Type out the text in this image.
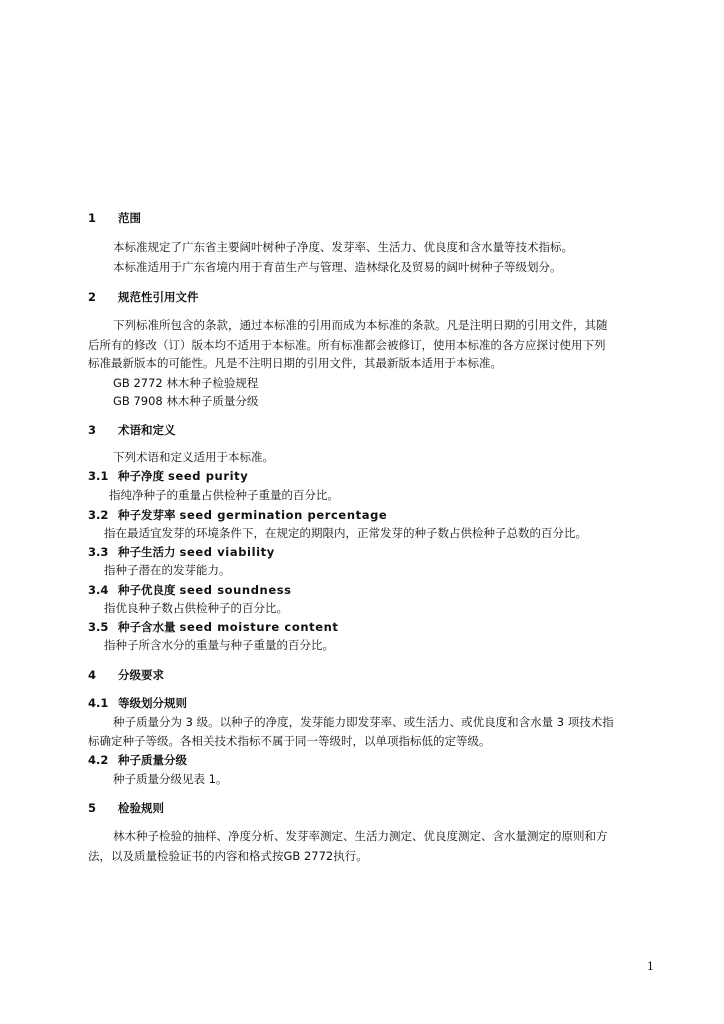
1 范围
本标准规定了广东省主要阔叶树种子净度、发芽率、生活力、优良度和含水量等技术指标。
本标准适用于广东省境内用于育苗生产与管理、造林绿化及贸易的阔叶树种子等级划分。
2 规范性引用文件
下列标准所包含的条款，通过本标准的引用而成为本标准的条款。凡是注明日期的引用文件，其随
后所有的修改（订）版本均不适用于本标准。所有标准都会被修订，使用本标准的各方应探讨使用下列
标准最新版本的可能性。凡是不注明日期的引用文件，其最新版本适用于本标准。
GB 2772 林木种子检验规程
GB 7908 林木种子质量分级
3 术语和定义
下列术语和定义适用于本标准。
3.1 种子净度 seed purity
指纯净种子的重量占供检种子重量的百分比。
3.2 种子发芽率 seed germination percentage
指在最适宜发芽的环境条件下，在规定的期限内，正常发芽的种子数占供检种子总数的百分比。
3.3 种子生活力 seed viability
指种子潜在的发芽能力。
3.4 种子优良度 seed soundness
指优良种子数占供检种子的百分比。
3.5 种子含水量 seed moisture content
指种子所含水分的重量与种子重量的百分比。
4 分级要求
4.1 等级划分规则
种子质量分为 3 级。以种子的净度，发芽能力即发芽率、或生活力、或优良度和含水量 3 项技术指
标确定种子等级。各相关技术指标不属于同一等级时，以单项指标低的定等级。
4.2 种子质量分级
种子质量分级见表 1。
5 检验规则
林木种子检验的抽样、净度分析、发芽率测定、生活力测定、优良度测定、含水量测定的原则和方
法，以及质量检验证书的内容和格式按GB 2772执行。
1
